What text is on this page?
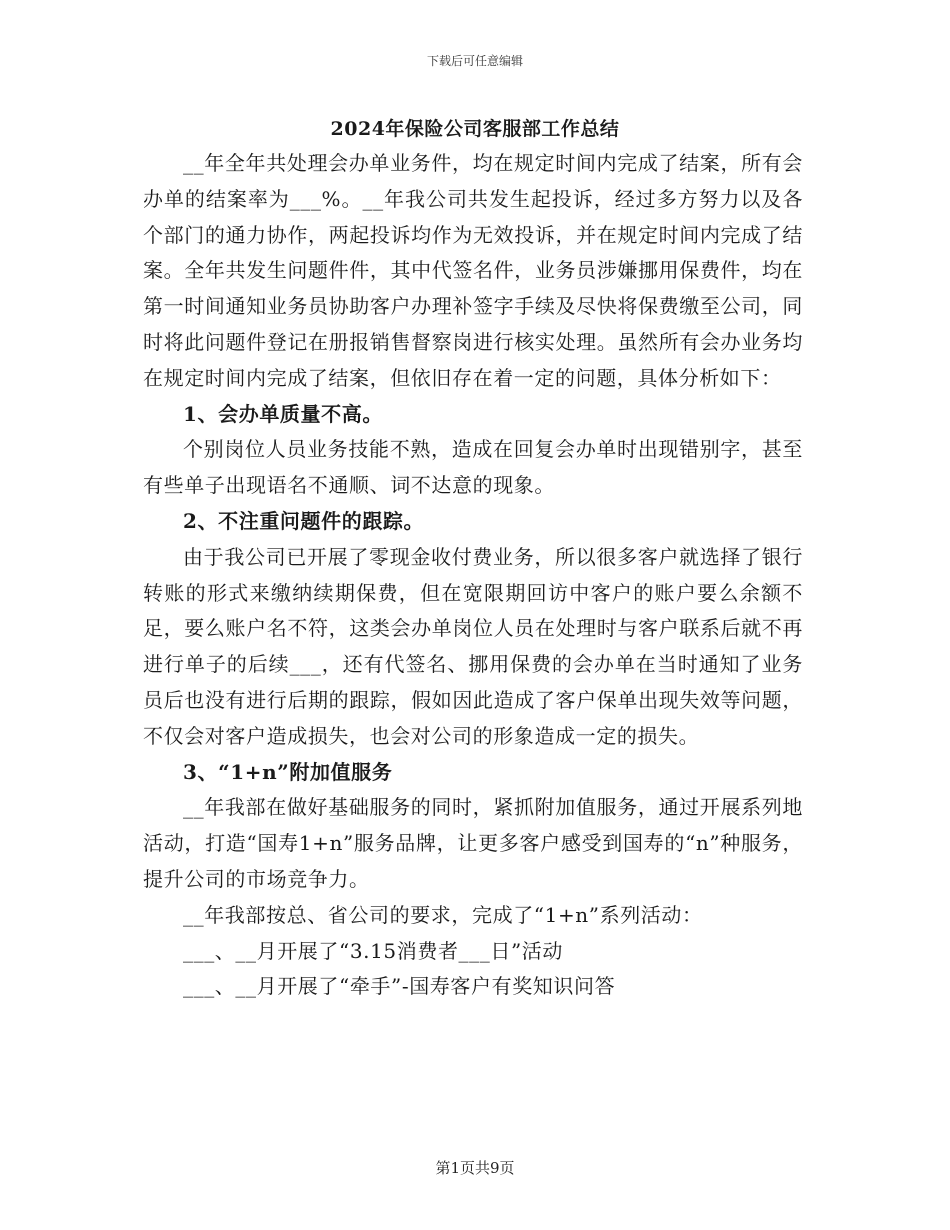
下载后可任意编辑
2024年保险公司客服部工作总结

__年全年共处理会办单业务件，均在规定时间内完成了结案，所有会办单的结案率为___%。__年我公司共发生起投诉，经过多方努力以及各个部门的通力协作，两起投诉均作为无效投诉，并在规定时间内完成了结案。全年共发生问题件件，其中代签名件，业务员涉嫌挪用保费件，均在第一时间通知业务员协助客户办理补签字手续及尽快将保费缴至公司，同时将此问题件登记在册报销售督察岗进行核实处理。虽然所有会办业务均在规定时间内完成了结案，但依旧存在着一定的问题，具体分析如下：

1、会办单质量不高。

个别岗位人员业务技能不熟，造成在回复会办单时出现错别字，甚至有些单子出现语名不通顺、词不达意的现象。

2、不注重问题件的跟踪。

由于我公司已开展了零现金收付费业务，所以很多客户就选择了银行转账的形式来缴纳续期保费，但在宽限期回访中客户的账户要么余额不足，要么账户名不符，这类会办单岗位人员在处理时与客户联系后就不再进行单子的后续___，还有代签名、挪用保费的会办单在当时通知了业务员后也没有进行后期的跟踪，假如因此造成了客户保单出现失效等问题，不仅会对客户造成损失，也会对公司的形象造成一定的损失。

3、“1+n”附加值服务

__年我部在做好基础服务的同时，紧抓附加值服务，通过开展系列地活动，打造“国寿1+n”服务品牌，让更多客户感受到国寿的“n”种服务，提升公司的市场竞争力。

__年我部按总、省公司的要求，完成了“1+n”系列活动：

___、__月开展了“3.15消费者___日”活动

___、__月开展了“牵手”-国寿客户有奖知识问答

第1页共9页
